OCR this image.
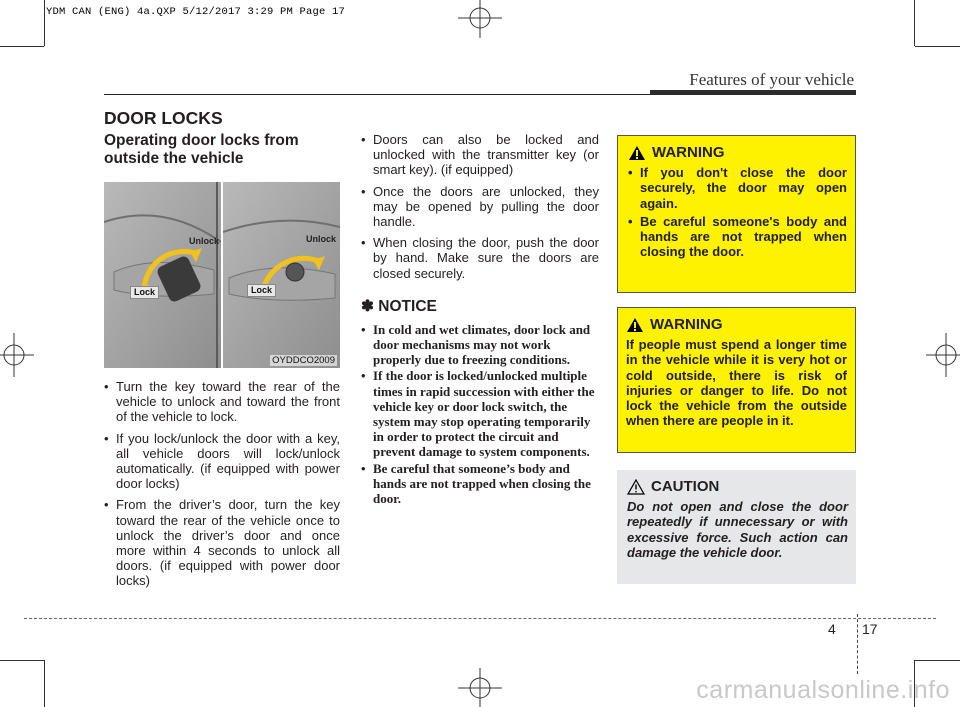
YDM CAN (ENG) 4a.QXP 5/12/2017 3:29 PM Page 17
Features of your vehicle
DOOR LOCKS
Operating door locks from outside the vehicle
Unlock
Lock
Unlock
Lock
OYDDCO2009
• Turn the key toward the rear of the vehicle to unlock and toward the front of the vehicle to lock.
• If you lock/unlock the door with a key, all vehicle doors will lock/unlock automatically. (if equipped with power door locks)
• From the driver’s door, turn the key toward the rear of the vehicle once to unlock the driver’s door and once more within 4 seconds to unlock all doors. (if equipped with power door locks)
• Doors can also be locked and unlocked with the transmitter key (or smart key). (if equipped)
• Once the doors are unlocked, they may be opened by pulling the door handle.
• When closing the door, push the door by hand. Make sure the doors are closed securely.
✽ NOTICE
• In cold and wet climates, door lock and door mechanisms may not work properly due to freezing conditions.
• If the door is locked/unlocked multiple times in rapid succession with either the vehicle key or door lock switch, the system may stop operating temporarily in order to protect the circuit and prevent damage to system components.
• Be careful that someone’s body and hands are not trapped when closing the door.
WARNING
• If you don't close the door securely, the door may open again.
• Be careful someone's body and hands are not trapped when closing the door.
WARNING

If people must spend a longer time in the vehicle while it is very hot or cold outside, there is risk of injuries or danger to life. Do not lock the vehicle from the outside when there are people in it.

CAUTION

Do not open and close the door repeatedly if unnecessary or with excessive force. Such action can damage the vehicle door.

4 17
carmanualsonline.info
